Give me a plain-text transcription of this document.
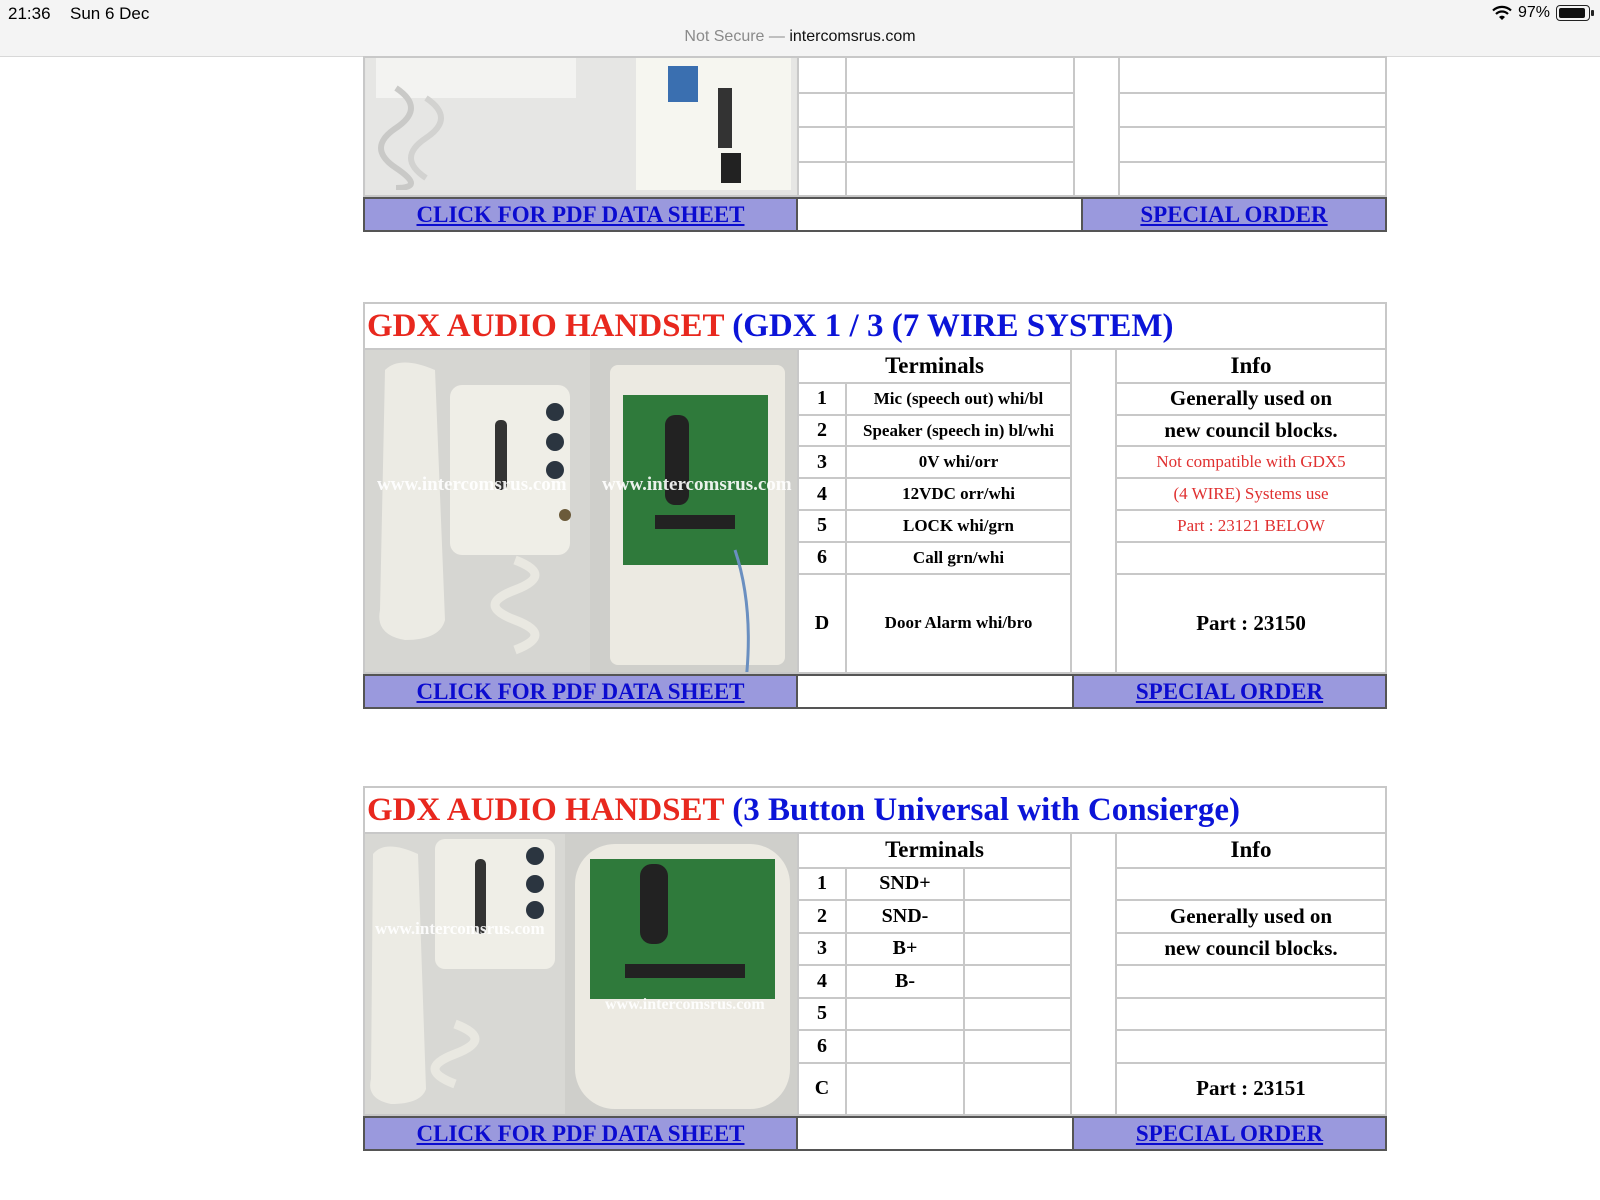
21:36 Sun 6 Dec
Not Secure — intercomsrus.com
97%

CLICK FOR PDF DATA SHEET		SPECIAL ORDER
GDX AUDIO HANDSET (GDX 1 / 3 (7 WIRE SYSTEM)				

www.intercomsrus.com www.intercomsrus.com	Terminals			Info
	1	Mic (speech out) whi/bl		Generally used on
	2	Speaker (speech in) bl/whi		new council blocks.
	3	0V whi/orr		Not compatible with GDX5
	4	12VDC orr/whi		(4 WIRE) Systems use
	5	LOCK whi/grn		Part : 23121 BELOW
	6	Call grn/whi		
	D	Door Alarm whi/bro		Part : 23150
CLICK FOR PDF DATA SHEET		SPECIAL ORDER
GDX AUDIO HANDSET (3 Button Universal with Consierge)					

www.intercomsrus.com
www.intercomsrus.com	Terminals				Info
	1	SND+			
	2	SND-			Generally used on
	3	B+			new council blocks.
	4	B-			
	5				
	6				
	C				Part : 23151
CLICK FOR PDF DATA SHEET		SPECIAL ORDER
